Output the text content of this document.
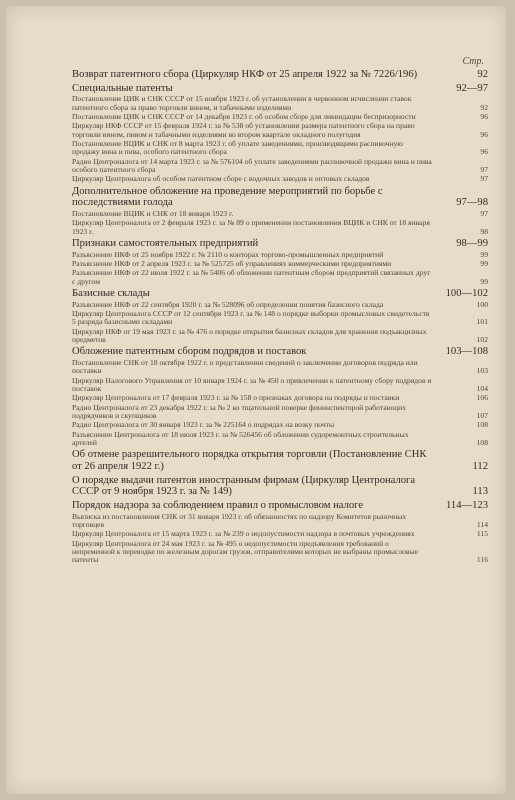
Стр.
Возврат патентного сбора (Циркуляр НКФ от 25 апреля 1922 за № 7226/196)	92
Специальные патенты	92—97
Постановление ЦИК и СНК СССР от 15 ноября 1923 г. об установлении в червонном исчислении ставок патентного сбора за право торговли вином, и табачными изделиями	92
Постановление ЦИК и СНК СССР от 14 декабря 1923 г. об особом сборе для ликвидации беспризорности	96
Циркуляр НКФ СССР от 15 февраля 1924 г. за № 538 об установлении размера патентного сбора на право торговли вином, пивом и табачными изделиями во втором квартале окладного полугодия	96
Постановление ВЦИК и СНК от 8 марта 1923 г. об уплате заведениями, производящими распивочную продажу вина и пива, особого патентного сбора	96
Радио Центроналога от 14 марта 1923 г. за № 576104 об уплате заведениями распивочной продажи вина и пива особого патентного сбора	97
Циркуляр Центроналога об особом патентном сборе с водочных заводов и оптовых складов	97
Дополнительное обложение на проведение мероприятий по борьбе с последствиями голода	97—98
Постановление ВЦИК и СНК от 18 января 1923 г.	97
Циркуляр Центроналога от 2 февраля 1923 г. за № 89 о применении постановления ВЦИК и СНК от 18 января 1923 г.	98
Признаки самостоятельных предприятий	98—99
Разъяснение НКФ от 25 ноября 1922 г. № 2110 о конторах торгово-промышленных предприятий	99
Разъяснение НКФ от 2 апреля 1923 г. за № 525725 об управлениях коммерческими предприятиями	99
Разъяснение НКФ от 22 июля 1922 г. за № 5406 об обложении патентным сбором предприятий связанных друг с другом	99
Базисные склады	100—102
Разъяснение НКФ от 22 сентября 1920 г. за № 528096 об определении понятия базисного склада	100
Циркуляр Центроналога СССР от 12 сентября 1923 г. за № 148 о порядке выборки промысловых свидетельств 5 разряда базисными складами	101
Циркуляр НКФ от 19 мая 1923 г. за № 476 о порядке открытия базисных складов для хранения подъакцизных предметов	102
Обложение патентным сбором подрядов и поставок	103—108
Постановление СНК от 18 октября 1922 г. о представлении сведений о заключении договоров подряда или поставки	103
Циркуляр Налогового Управления от 10 января 1924 г. за № 450 о привлечении к патентному сбору подрядов и поставок	104
Циркуляр Центроналога от 17 февраля 1923 г. за № 158 о признаках договора на подряды и поставки	106
Радио Центроналога от 23 декабря 1922 г. за № 2 ко тщательной поверке фининспекторой работающих подрядчиков и скупщиков	107
Радио Центроналога от 30 января 1923 г. за № 225164 о подрядах на возку почты	108
Разъяснение Центроналога от 18 июля 1923 г. за № 526456 об обложении судоремонтных строительных артелей	108
Об отмене разрешительного порядка открытия торговли (Постановление СНК от 26 апреля 1922 г.)	112
О порядке выдачи патентов иностранным фирмам (Циркуляр Центроналога СССР от 9 ноября 1923 г. за № 149)	113
Порядок надзора за соблюдением правил о промысловом налоге	114—123
Выписка из постановления СНК от 31 января 1923 г. об обязанностях по надзору Комитетов рыночных торговцев	114
Циркуляр Центроналога от 15 марта 1923 г. за № 239 о недопустимости надзора в почтовых учреждениях	115
Циркуляр Центроналога от 24 мая 1923 г. за № 495 о недопустимости предъявления требований о непременной к переводке по железным дорогам грузов, отправителями которых не выбраны промысловые патенты	116
